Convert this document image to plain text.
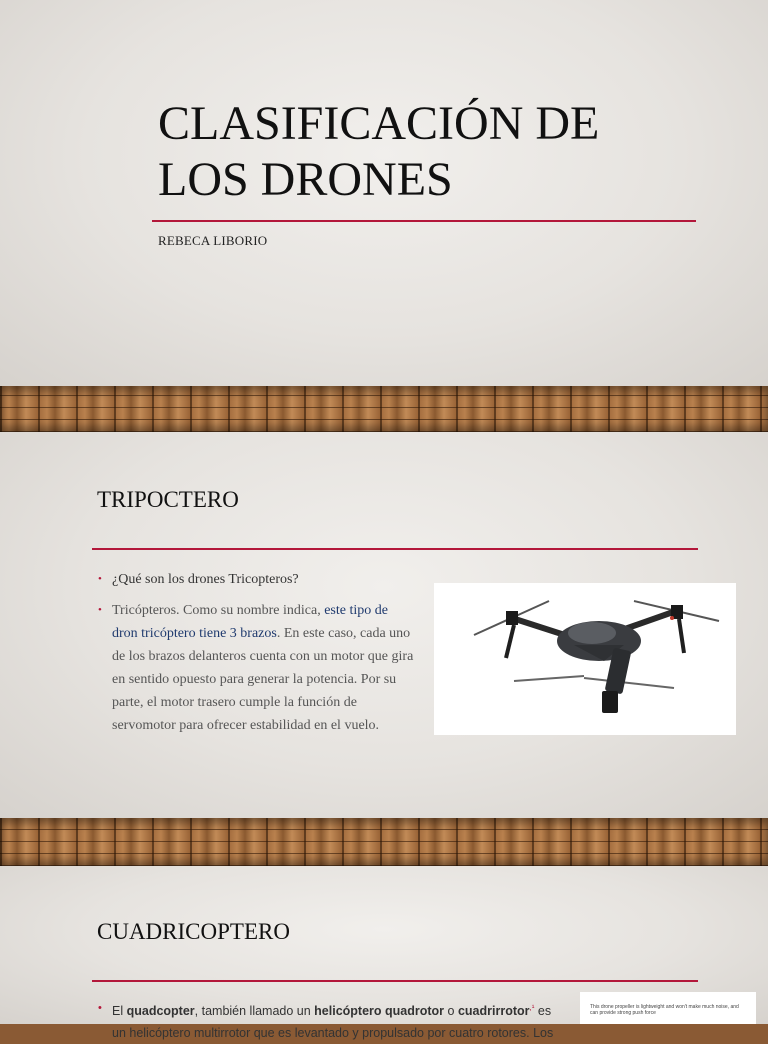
CLASIFICACIÓN DE
LOS DRONES
REBECA LIBORIO
TRIPOCTERO
• ¿Qué son los drones Tricopteros?
• Tricópteros. Como su nombre indica, este tipo de dron tricóptero tiene 3 brazos. En este caso, cada uno de los brazos delanteros cuenta con un motor que gira en sentido opuesto para generar la potencia. Por su parte, el motor trasero cumple la función de servomotor para ofrecer estabilidad en el vuelo.
CUADRICOPTERO
• El quadcopter, también llamado un helicóptero quadrotor o cuadrirrotor$^{,^1}$ es un helicóptero multirrotor que es levantado y propulsado por cuatro rotores. Los
This drone propeller is lightweight and won't make much noise, and can provide strong push force
